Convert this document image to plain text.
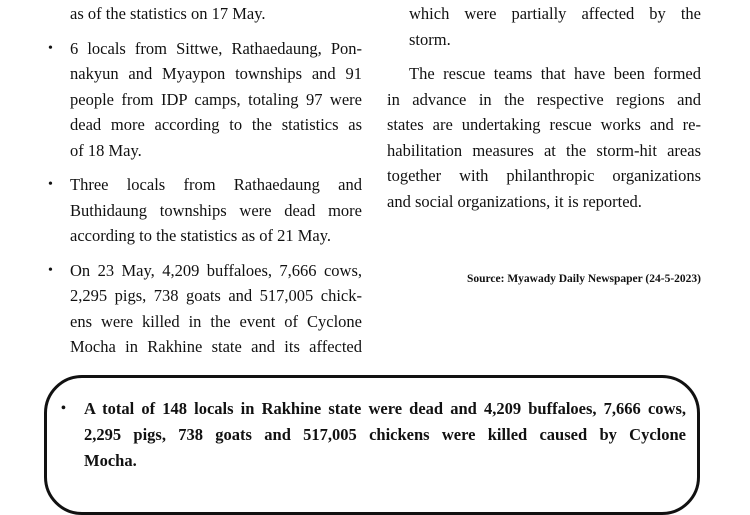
as of the statistics on 17 May.
• 6 locals from Sittwe, Rathaedaung, Pon-
nakyun and Myaypon townships and 91
people from IDP camps, totaling 97 were
dead more according to the statistics as
of 18 May.
• Three locals from Rathaedaung and
Buthidaung townships were dead more
according to the statistics as of 21 May.
• On 23 May, 4,209 buffaloes, 7,666 cows,
2,295 pigs, 738 goats and 517,005 chick-
ens were killed in the event of Cyclone
Mocha in Rakhine state and its affected
which were partially affected by the
storm.
The rescue teams that have been formed
in advance in the respective regions and
states are undertaking rescue works and re-
habilitation measures at the storm-hit areas
together with philanthropic organizations
and social organizations, it is reported.
Source: Myawady Daily Newspaper (24-5-2023)
• A total of 148 locals in Rakhine state were dead and 4,209 buffaloes, 7,666 cows,
2,295 pigs, 738 goats and 517,005 chickens were killed caused by Cyclone
Mocha.
